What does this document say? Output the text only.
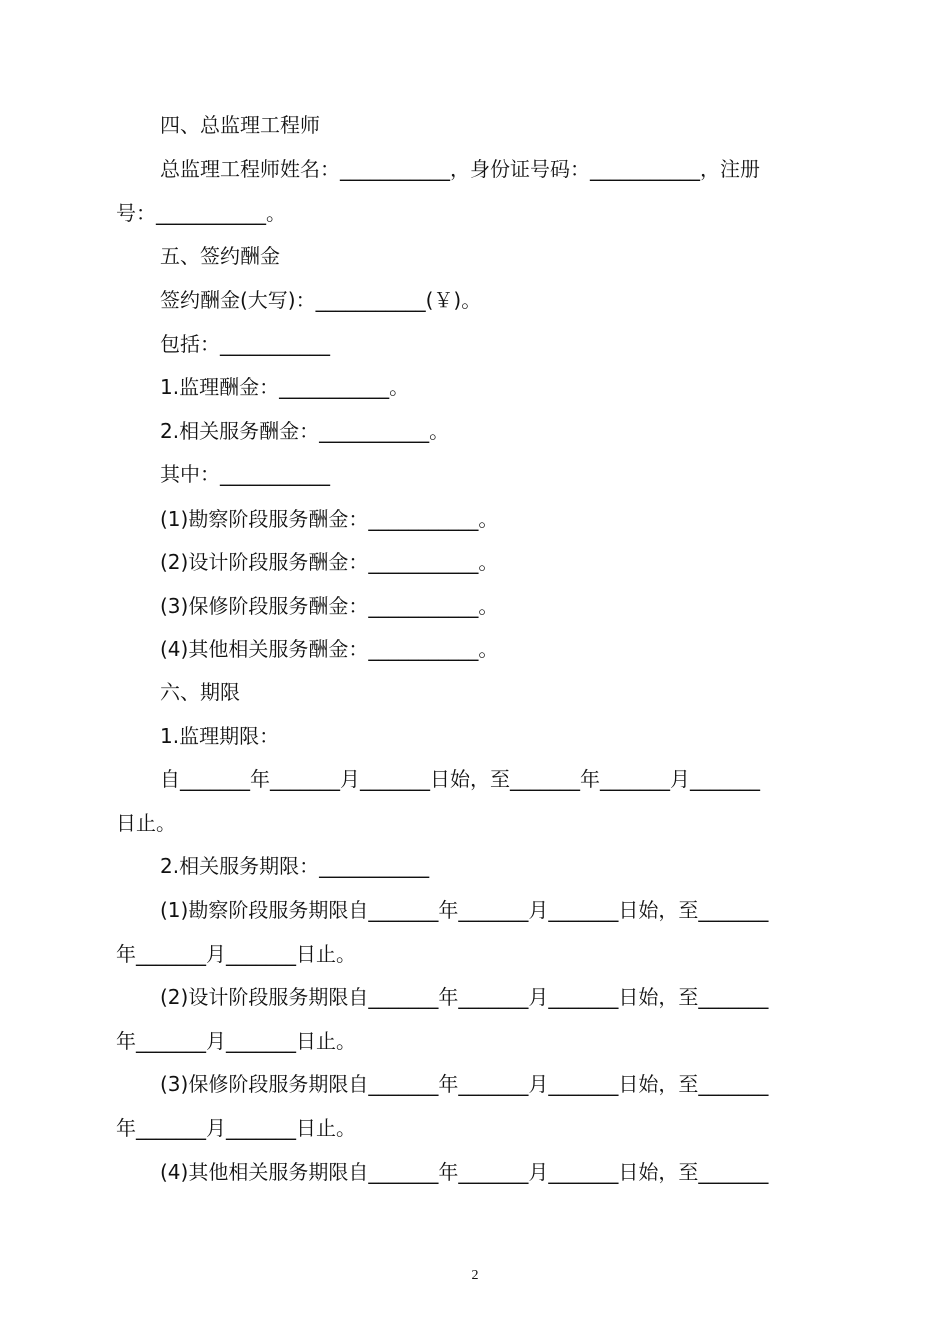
四、总监理工程师
总监理工程师姓名：___________，身份证号码：___________，注册
号：___________。
五、签约酬金
签约酬金(大写)：___________(￥)。
包括：___________
1.监理酬金：___________。
2.相关服务酬金：___________。
其中：___________
(1)勘察阶段服务酬金：___________。
(2)设计阶段服务酬金：___________。
(3)保修阶段服务酬金：___________。
(4)其他相关服务酬金：___________。
六、期限
1.监理期限：
自_______年_______月_______日始，至_______年_______月_______
日止。
2.相关服务期限：___________
(1)勘察阶段服务期限自_______年_______月_______日始，至_______
年_______月_______日止。
(2)设计阶段服务期限自_______年_______月_______日始，至_______
年_______月_______日止。
(3)保修阶段服务期限自_______年_______月_______日始，至_______
年_______月_______日止。
(4)其他相关服务期限自_______年_______月_______日始，至_______
2
